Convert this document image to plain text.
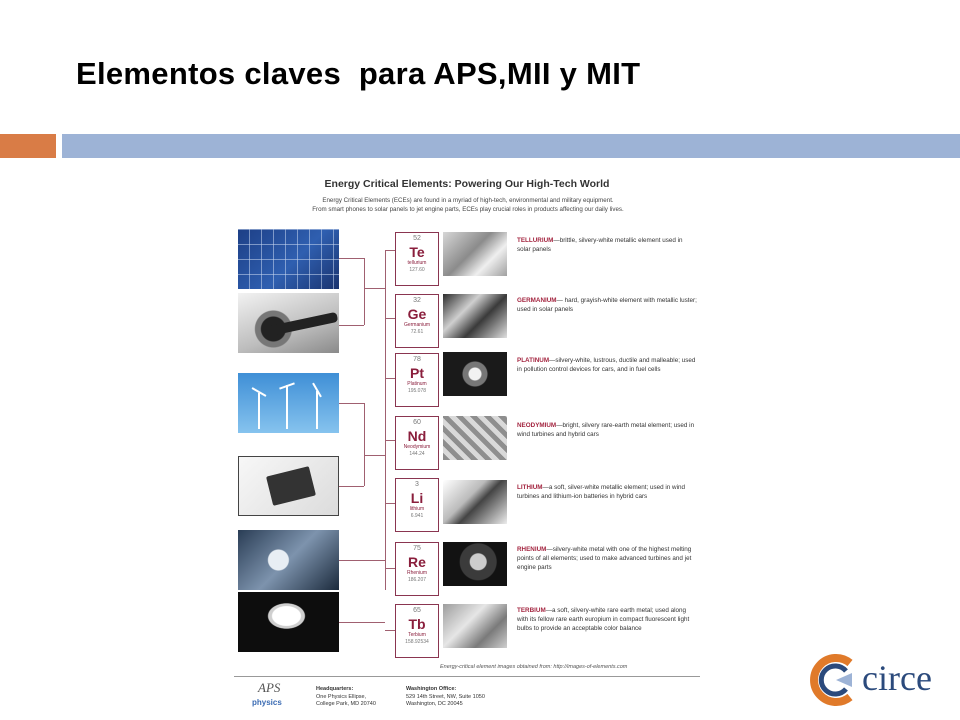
Elementos claves  para APS,MII y MIT
Energy Critical Elements: Powering Our High-Tech World
Energy Critical Elements (ECEs) are found in a myriad of high-tech, environmental and military equipment.
From smart phones to solar panels to jet engine parts, ECEs play crucial roles in products affecting our daily lives.
52
Te
tellurium
127.60
32
Ge
Germanium
72.61
78
Pt
Platinum
195.078
60
Nd
Neodymium
144.24
3
Li
lithium
6.941
75
Re
Rhenium
186.207
65
Tb
Terbium
158.92534
TELLURIUM—brittle, silvery-white metallic element used in solar panels
GERMANIUM— hard, grayish-white element with metallic luster; used in solar panels
PLATINUM—silvery-white, lustrous, ductile and malleable; used in pollution control devices for cars, and in fuel cells
NEODYMIUM—bright, silvery rare-earth metal element; used in wind turbines and hybrid cars
LITHIUM—a soft, silver-white metallic element; used in wind turbines and lithium-ion batteries in hybrid cars
RHENIUM—silvery-white metal with one of the highest melting points of all elements; used to make advanced turbines and jet engine parts
TERBIUM—a soft, silvery-white rare earth metal; used along with its fellow rare earth europium in compact fluorescent light bulbs to provide an acceptable color balance
Energy-critical element images obtained from: http://images-of-elements.com
APS
physics
Headquarters:
One Physics Ellipse,
College Park, MD 20740
Washington Office:
529 14th Street, NW, Suite 1050
Washington, DC 20045
circe
